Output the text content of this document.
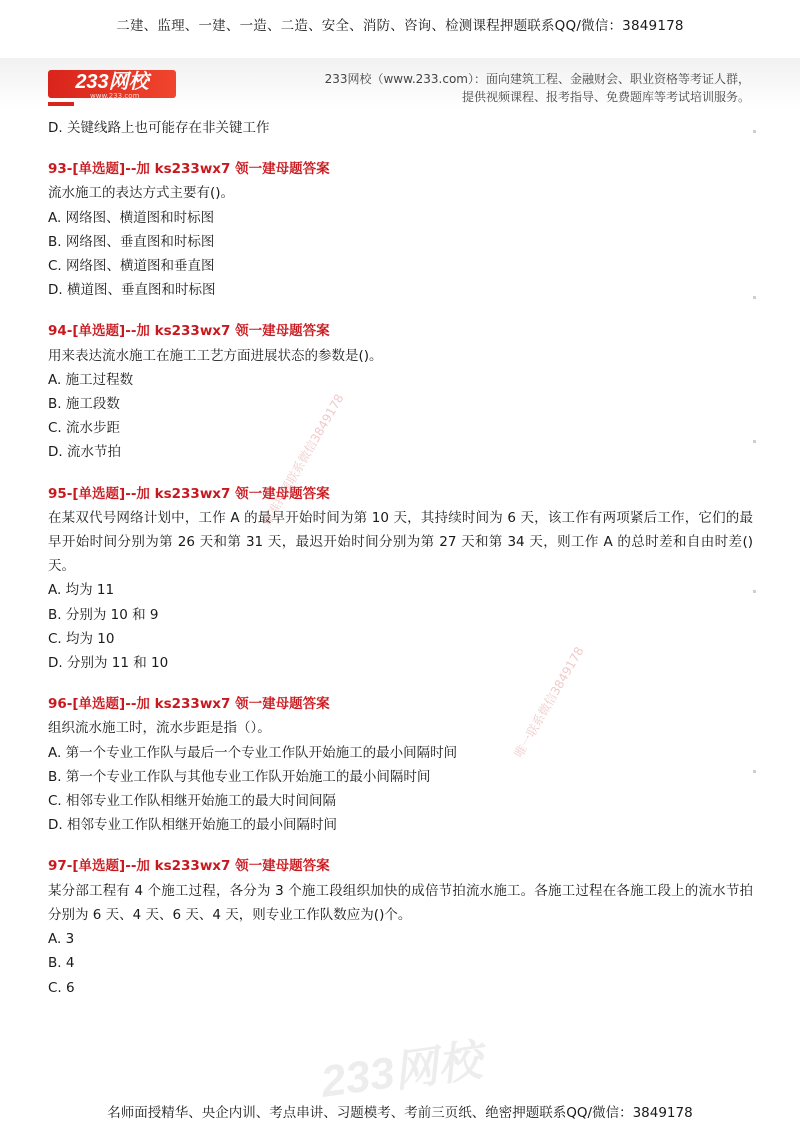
二建、监理、一建、一造、二造、安全、消防、咨询、检测课程押题联系QQ/微信：3849178
233网校
www.233.com
233网校（www.233.com）：面向建筑工程、金融财会、职业资格等考证人群，
提供视频课程、报考指导、免费题库等考试培训服务。
D. 关键线路上也可能存在非关键工作
93-[单选题]--加 ks233wx7 领一建母题答案
流水施工的表达方式主要有()。
A. 网络图、横道图和时标图
B. 网络图、垂直图和时标图
C. 网络图、横道图和垂直图
D. 横道图、垂直图和时标图
94-[单选题]--加 ks233wx7 领一建母题答案
用来表达流水施工在施工工艺方面进展状态的参数是()。
A. 施工过程数
B. 施工段数
C. 流水步距
D. 流水节拍
95-[单选题]--加 ks233wx7 领一建母题答案
在某双代号网络计划中，工作 A 的最早开始时间为第 10 天，其持续时间为 6 天，该工作有两项紧后工作，它们的最早开始时间分别为第 26 天和第 31 天，最迟开始时间分别为第 27 天和第 34 天，则工作 A 的总时差和自由时差()天。
A. 均为 11
B. 分别为 10 和 9
C. 均为 10
D. 分别为 11 和 10
96-[单选题]--加 ks233wx7 领一建母题答案
组织流水施工时，流水步距是指（）。
A. 第一个专业工作队与最后一个专业工作队开始施工的最小间隔时间
B. 第一个专业工作队与其他专业工作队开始施工的最小间隔时间
C. 相邻专业工作队相继开始施工的最大时间间隔
D. 相邻专业工作队相继开始施工的最小间隔时间
97-[单选题]--加 ks233wx7 领一建母题答案
某分部工程有 4 个施工过程，各分为 3 个施工段组织加快的成倍节拍流水施工。各施工过程在各施工段上的流水节拍分别为 6 天、4 天、6 天、4 天，则专业工作队数应为()个。
A. 3
B. 4
C. 6
精准押题联系微信3849178
唯一联系微信3849178
233网校
名师面授精华、央企内训、考点串讲、习题模考、考前三页纸、绝密押题联系QQ/微信：3849178
